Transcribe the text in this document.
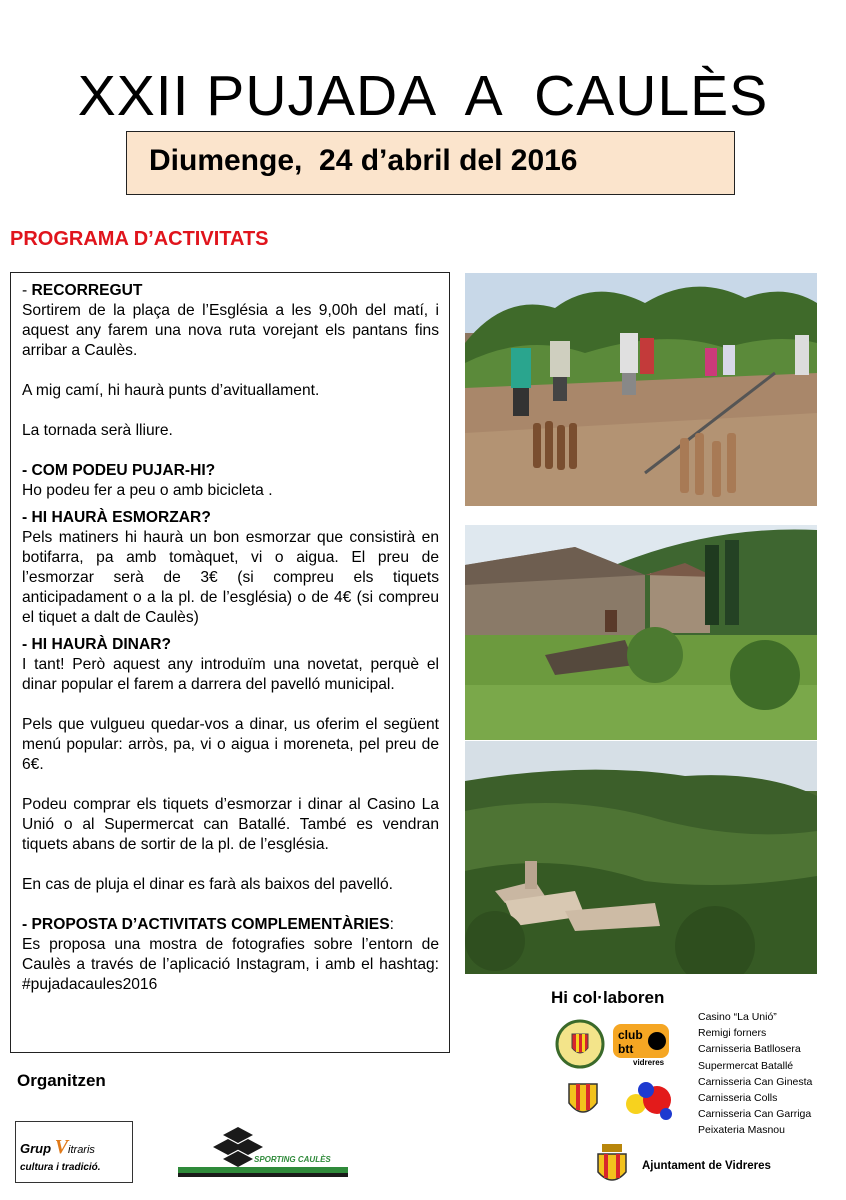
XXII PUJADA  A  CAULÈS
Diumenge,  24 d’abril del 2016
PROGRAMA D’ACTIVITATS

- RECORREGUT

Sortirem de la plaça de l’Església a les 9,00h del matí, i aquest any farem una nova ruta vorejant els pantans fins arribar a Caulès.

A mig camí, hi haurà punts d’avituallament.

La tornada serà lliure.

- COM PODEU PUJAR-HI?

Ho podeu fer a peu o amb bicicleta .

- HI HAURÀ ESMORZAR?

Pels matiners hi haurà un bon esmorzar que consistirà en botifarra, pa amb tomàquet, vi o aigua. El preu de l’esmorzar serà de 3€ (si compreu els tiquets anticipadament o a la pl. de l’església) o de 4€ (si compreu el tiquet a dalt de Caulès)

- HI HAURÀ DINAR?

I tant! Però aquest any introduïm una novetat, perquè el dinar popular el farem a darrera del pavelló municipal.

Pels que vulgueu quedar-vos a dinar, us oferim el següent menú popular: arròs, pa, vi o aigua i moreneta, pel preu de 6€.

Podeu comprar els tiquets d’esmorzar i dinar al Casino La Unió o al Supermercat can Batallé. També es vendran tiquets abans de sortir de la pl. de l’església.

En cas de pluja el dinar es farà als baixos del pavelló.

- PROPOSTA D’ACTIVITATS COMPLEMENTÀRIES:

Es proposa una mostra de fotografies sobre l’entorn de Caulès a través de l’aplicació Instagram, i amb el hashtag: #pujadacaules2016

Hi col·laboren
club
btt
vidreres
Casino “La Unió”
Remigi forners
Carnisseria Batllosera
Supermercat Batallé
Carnisseria Can Ginesta
Carnisseria Colls
Carnisseria Can Garriga
Peixateria Masnou
Ajuntament de Vidreres
Organitzen
Grup Vitraris
cultura i tradició.
SPORTING CAULÈS
